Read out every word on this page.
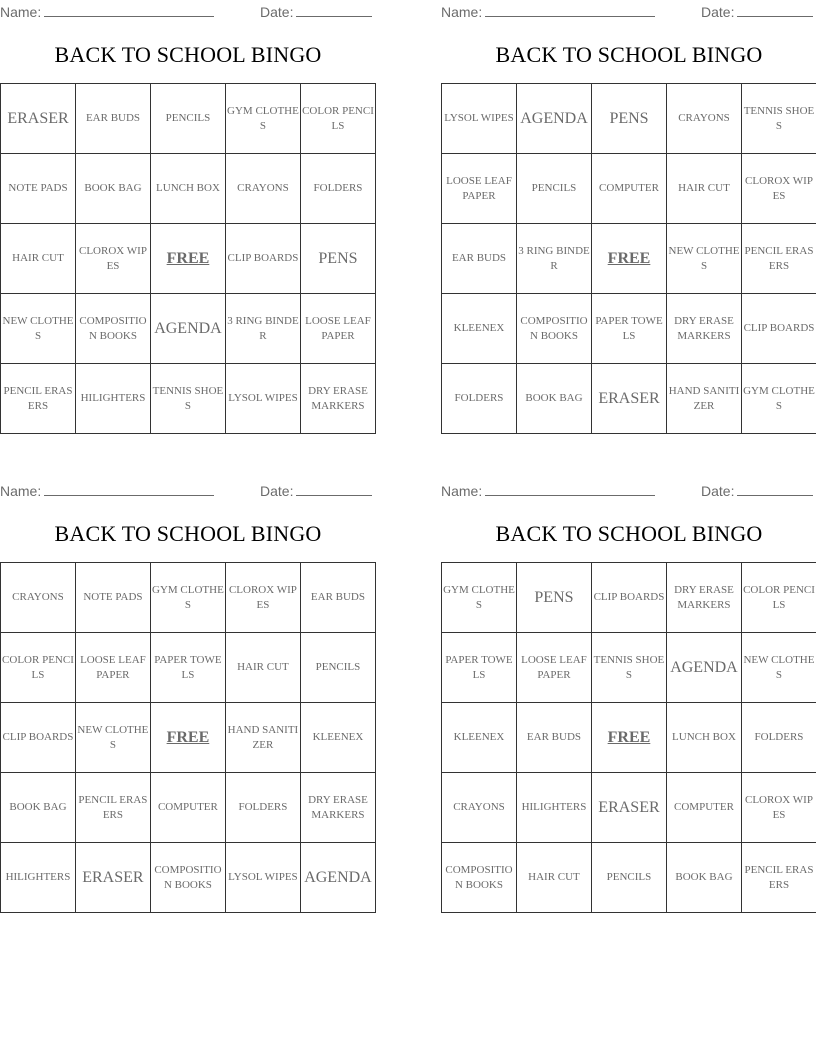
Name:	Date:
BACK TO SCHOOL BINGO
ERASER	EAR BUDS	PENCILS	GYM CLOTHES	COLOR PENCILS
NOTE PADS	BOOK BAG	LUNCH BOX	CRAYONS	FOLDERS
HAIR CUT	CLOROX WIPES	FREE	CLIP BOARDS	PENS
NEW CLOTHES	COMPOSITION BOOKS	AGENDA	3 RING BINDER	LOOSE LEAF PAPER
PENCIL ERASERS	HILIGHTERS	TENNIS SHOES	LYSOL WIPES	DRY ERASE MARKERS
Name:	Date:
BACK TO SCHOOL BINGO
LYSOL WIPES	AGENDA	PENS	CRAYONS	TENNIS SHOES
LOOSE LEAF PAPER	PENCILS	COMPUTER	HAIR CUT	CLOROX WIPES
EAR BUDS	3 RING BINDER	FREE	NEW CLOTHES	PENCIL ERASERS
KLEENEX	COMPOSITION BOOKS	PAPER TOWELS	DRY ERASE MARKERS	CLIP BOARDS
FOLDERS	BOOK BAG	ERASER	HAND SANITIZER	GYM CLOTHES
Name:	Date:
BACK TO SCHOOL BINGO
CRAYONS	NOTE PADS	GYM CLOTHES	CLOROX WIPES	EAR BUDS
COLOR PENCILS	LOOSE LEAF PAPER	PAPER TOWELS	HAIR CUT	PENCILS
CLIP BOARDS	NEW CLOTHES	FREE	HAND SANITIZER	KLEENEX
BOOK BAG	PENCIL ERASERS	COMPUTER	FOLDERS	DRY ERASE MARKERS
HILIGHTERS	ERASER	COMPOSITION BOOKS	LYSOL WIPES	AGENDA
Name:	Date:
BACK TO SCHOOL BINGO
GYM CLOTHES	PENS	CLIP BOARDS	DRY ERASE MARKERS	COLOR PENCILS
PAPER TOWELS	LOOSE LEAF PAPER	TENNIS SHOES	AGENDA	NEW CLOTHES
KLEENEX	EAR BUDS	FREE	LUNCH BOX	FOLDERS
CRAYONS	HILIGHTERS	ERASER	COMPUTER	CLOROX WIPES
COMPOSITION BOOKS	HAIR CUT	PENCILS	BOOK BAG	PENCIL ERASERS
